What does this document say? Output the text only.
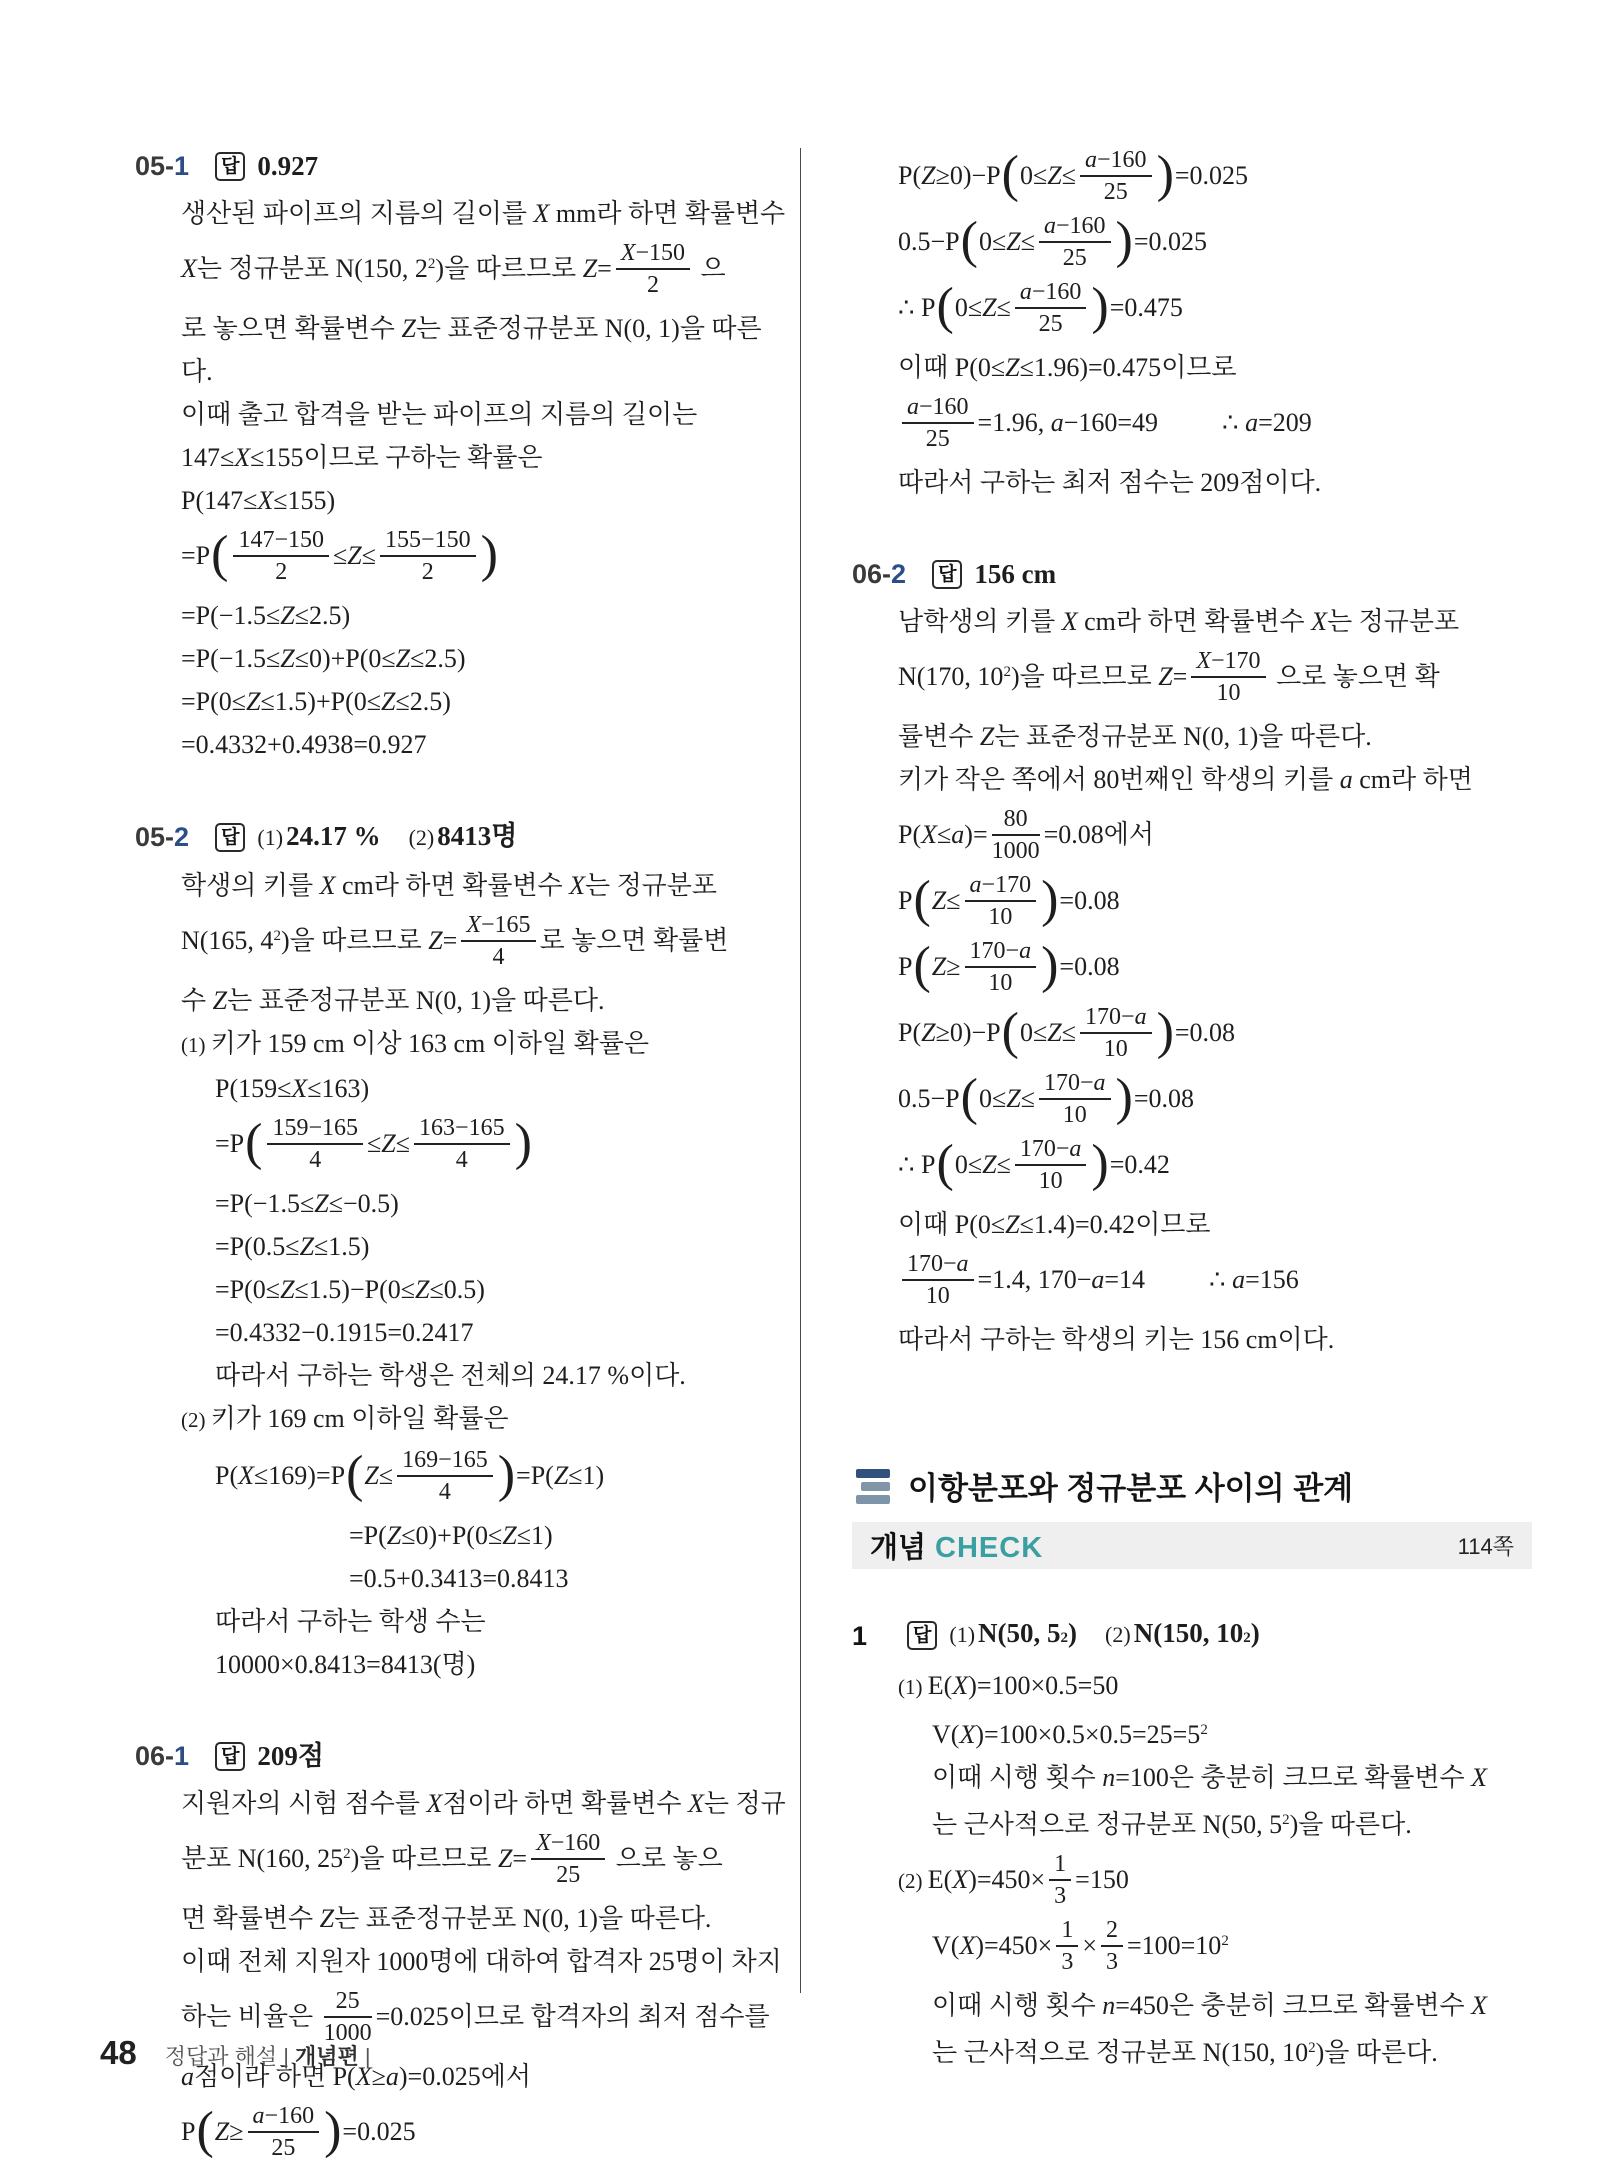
05-1	답 0.927
생산된 파이프의 지름의 길이를 X mm라 하면 확률변수
X는 정규분포 N(150, $2^2$)을 따르므로 $Z= \frac{X-150}{2}$ 으
로 놓으면 확률변수 Z는 표준정규분포 N(0, 1)을 따른다.
이때 출고 합격을 받는 파이프의 지름의 길이는
147≤X≤155이므로 구하는 확률은
P(147≤X≤155)
$=P( \frac{147-150}{2} \le Z\le \frac{155-150}{2}$ )
=P(−1.5≤Z≤2.5)
=P(−1.5≤Z≤0)+P(0≤Z≤2.5)
=P(0≤Z≤1.5)+P(0≤Z≤2.5)
=0.4332+0.4938=0.927
05-2	답 (1) 24.17 % (2) 8413명
학생의 키를 X cm라 하면 확률변수 X는 정규분포
N(165, $4^2$)을 따르므로 $Z= \frac{X-165}{4}$ 로 놓으면 확률변
수 Z는 표준정규분포 N(0, 1)을 따른다.
(1) 키가 159 cm 이상 163 cm 이하일 확률은
P(159≤X≤163)
$=P( \frac{159-165}{4} \le Z\le \frac{163-165}{4}$ )
=P(−1.5≤Z≤−0.5)
=P(0.5≤Z≤1.5)
=P(0≤Z≤1.5)−P(0≤Z≤0.5)
=0.4332−0.1915=0.2417
따라서 구하는 학생은 전체의 24.17 %이다.
(2) 키가 169 cm 이하일 확률은
$P(X\le 169)=P(Z\le \frac{169-165}{4} )=P(Z\le 1)$
=P(Z≤0)+P(0≤Z≤1)
=0.5+0.3413=0.8413
따라서 구하는 학생 수는
10000×0.8413=8413(명)
06-1	답 209점
지원자의 시험 점수를 X점이라 하면 확률변수 X는 정규
분포 N(160, $25^2$)을 따르므로 $Z= \frac{X-160}{25}$ 으로 놓으
면 확률변수 Z는 표준정규분포 N(0, 1)을 따른다.
이때 전체 지원자 1000명에 대하여 합격자 25명이 차지
하는 비율은 $\frac{25}{1000} =0.025$이므로 합격자의 최저 점수를
a점이라 하면 P(X≥a)=0.025에서
$P(Z\ge \frac{a-160}{25} )=0.025$
$P(Z\ge 0)-P(0\le Z\le \frac{a-160}{25} )=0.025$
$0.5-P(0\le Z\le \frac{a-160}{25} )=0.025$
∴ $P(0\le Z\le \frac{a-160}{25} )=0.475$
이때 P(0≤Z≤1.96)=0.475이므로
$\frac{a-160}{25} =1.96$, a−160=49 ∴ a=209
따라서 구하는 최저 점수는 209점이다.
06-2	답 156 cm
남학생의 키를 X cm라 하면 확률변수 X는 정규분포
N(170, $10^2$)을 따르므로 $Z= \frac{X-170}{10}$ 으로 놓으면 확
률변수 Z는 표준정규분포 N(0, 1)을 따른다.
키가 작은 쪽에서 80번째인 학생의 키를 a cm라 하면
$P(X\le a)= \frac{80}{1000} =0.08$에서
$P(Z\le \frac{a-170}{10} )=0.08$
$P(Z\ge \frac{170-a}{10} )=0.08$
$P(Z\ge 0)-P(0\le Z\le \frac{170-a}{10} )=0.08$
$0.5-P(0\le Z\le \frac{170-a}{10} )=0.08$
∴ $P(0\le Z\le \frac{170-a}{10} )=0.42$
이때 P(0≤Z≤1.4)=0.42이므로
$\frac{170-a}{10} =1.4$, 170−a=14 ∴ a=156
따라서 구하는 학생의 키는 156 cm이다.
이항분포와 정규분포 사이의 관계
개념 CHECK	114쪽
1	답 (1) N(50, 5 2 ) (2) N(150, 10 2 )
(1) E(X)=100×0.5=50
$V(X)=100\times 0.5\times 0.5=25=5^2$
이때 시행 횟수 n=100은 충분히 크므로 확률변수 X
는 근사적으로 정규분포 N(50, $5^2$)을 따른다.
(2) $E(X)=450\times \frac{1}{3} =150$
$V(X)=450\times \frac{1}{3} \times \frac{2}{3} =100=10^2$
이때 시행 횟수 n=450은 충분히 크므로 확률변수 X
는 근사적으로 정규분포 N(150, $10^2$)을 따른다.
48 정답과 해설 | 개념편 |
